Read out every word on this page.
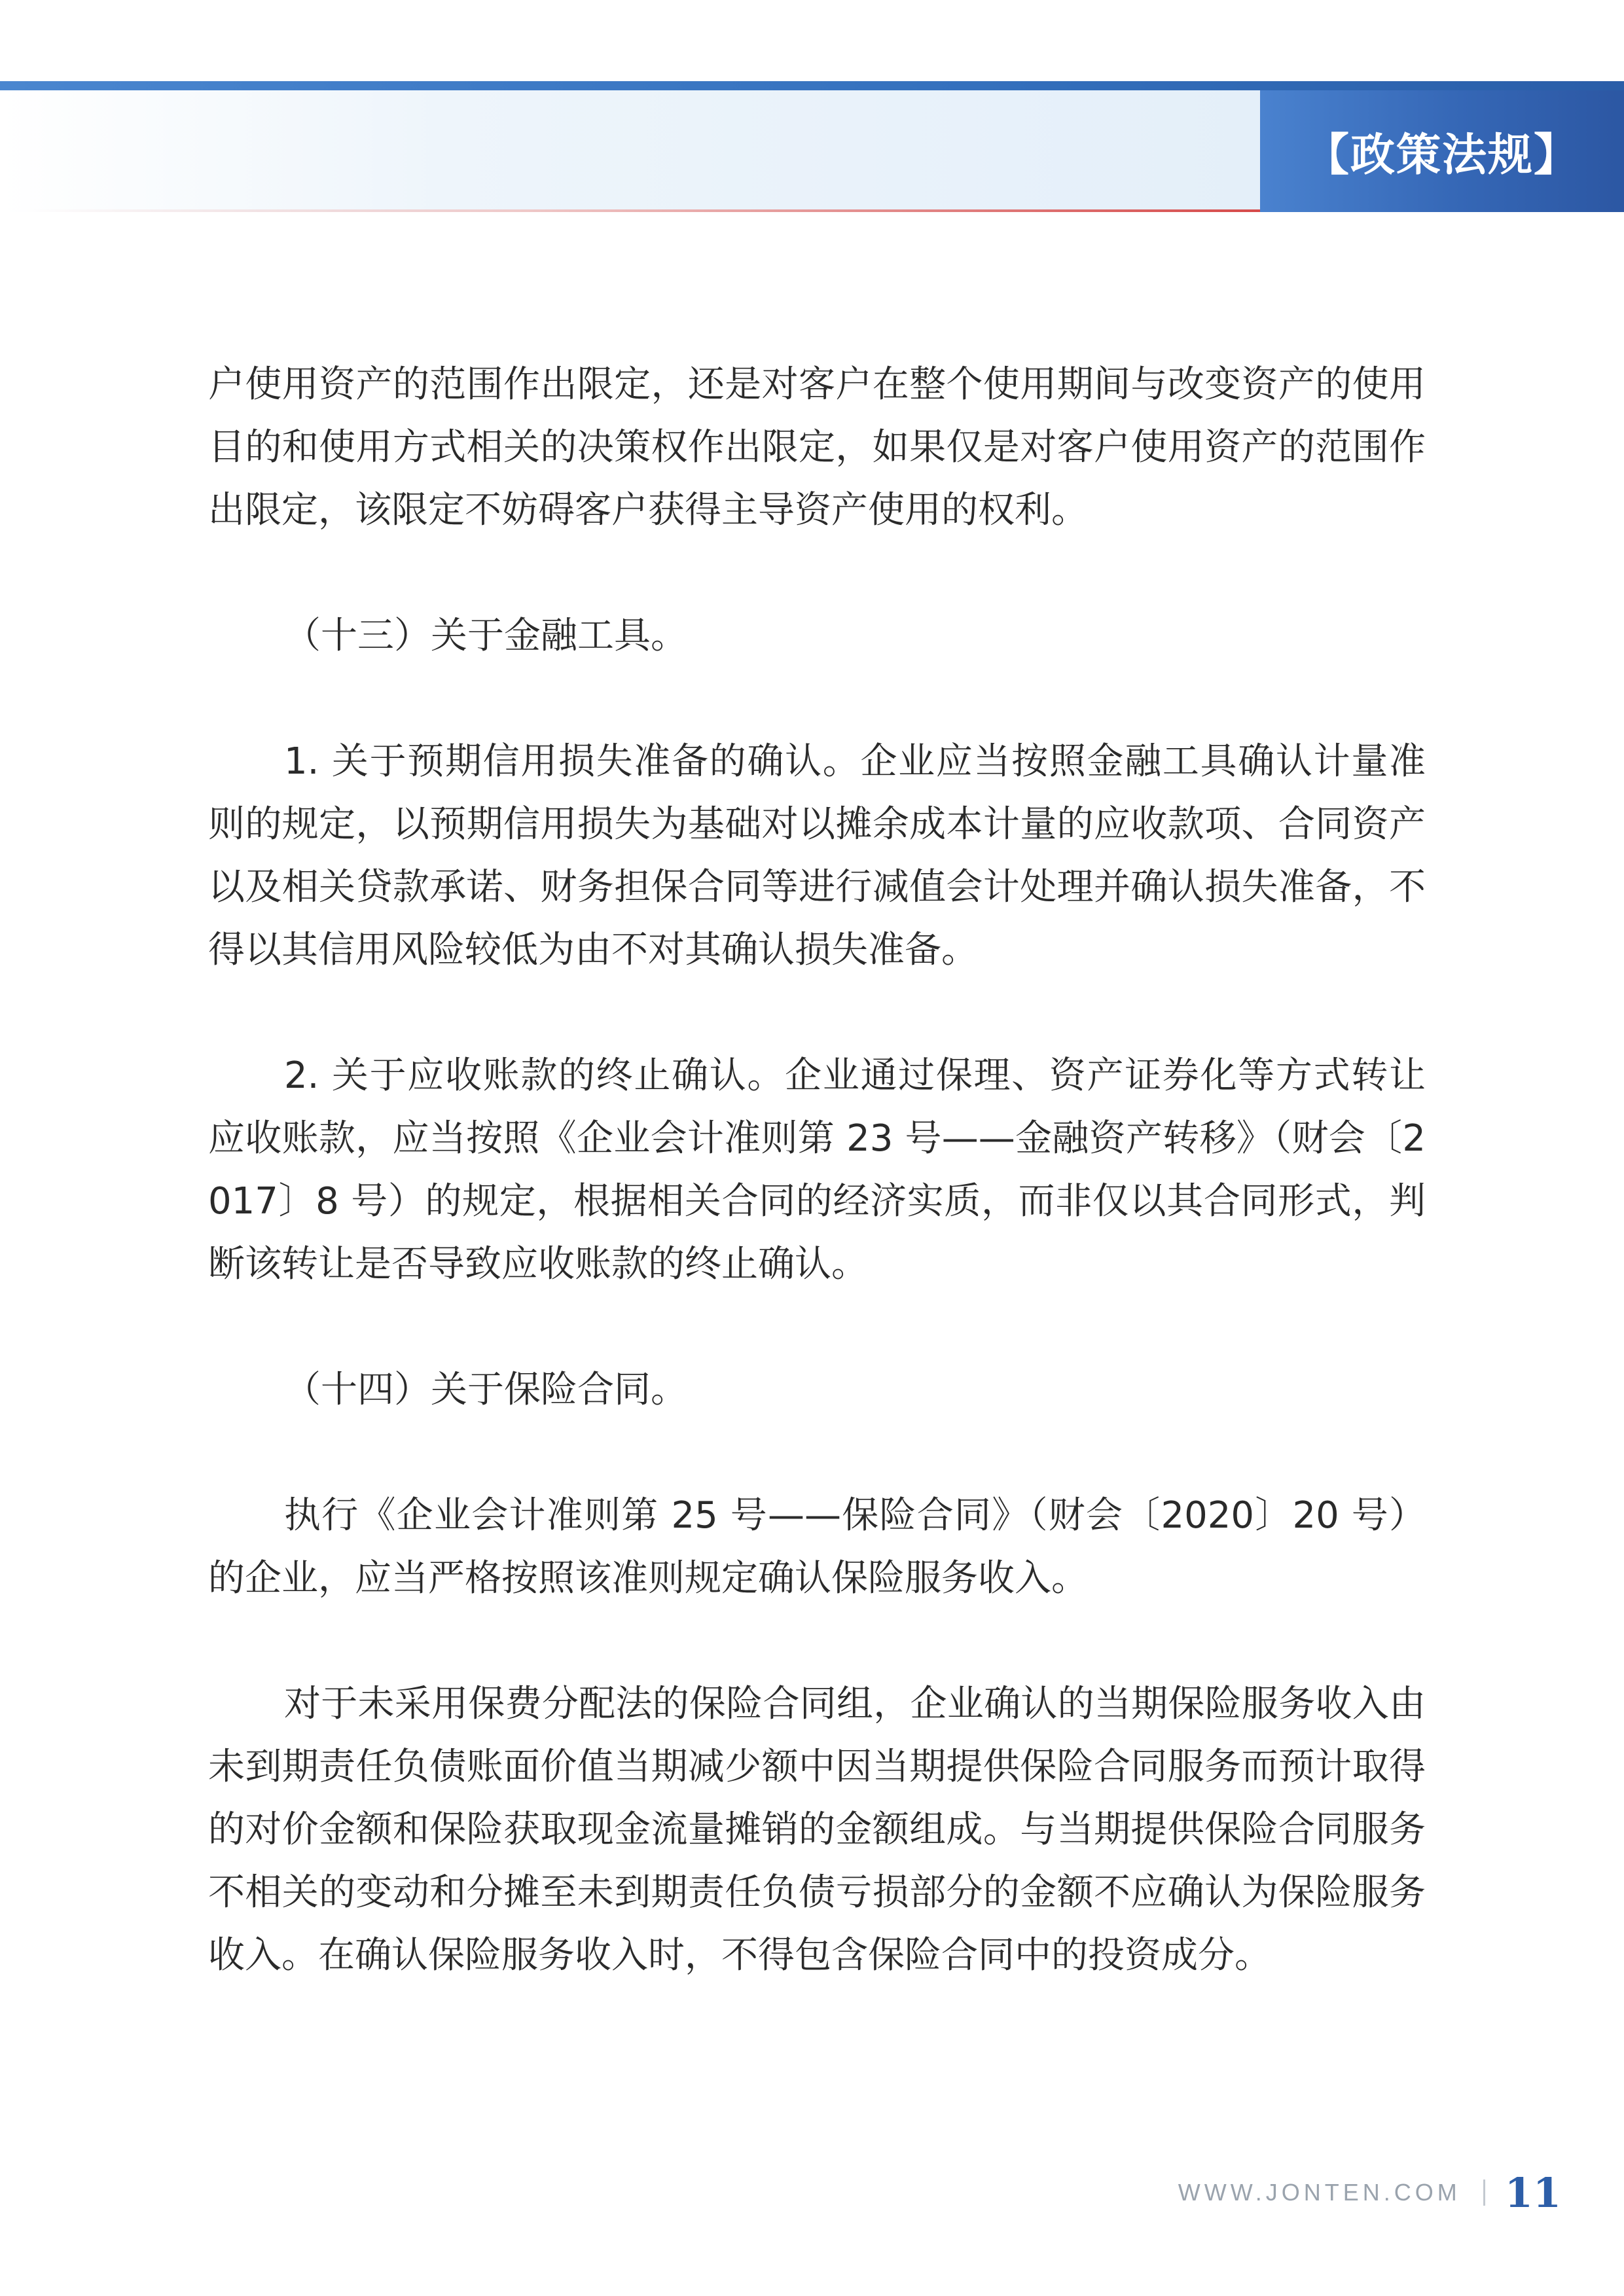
【政策法规】

户使用资产的范围作出限定，还是对客户在整个使用期间与改变资产的使用目的和使用方式相关的决策权作出限定，如果仅是对客户使用资产的范围作出限定，该限定不妨碍客户获得主导资产使用的权利。

（十三）关于金融工具。

1. 关于预期信用损失准备的确认。企业应当按照金融工具确认计量准则的规定，以预期信用损失为基础对以摊余成本计量的应收款项、合同资产以及相关贷款承诺、财务担保合同等进行减值会计处理并确认损失准备，不得以其信用风险较低为由不对其确认损失准备。

2. 关于应收账款的终止确认。企业通过保理、资产证券化等方式转让应收账款，应当按照《企业会计准则第 23 号——金融资产转移》（财会〔2017〕8 号）的规定，根据相关合同的经济实质，而非仅以其合同形式，判断该转让是否导致应收账款的终止确认。

（十四）关于保险合同。

执行《企业会计准则第 25 号——保险合同》（财会〔2020〕20 号）的企业，应当严格按照该准则规定确认保险服务收入。

对于未采用保费分配法的保险合同组，企业确认的当期保险服务收入由未到期责任负债账面价值当期减少额中因当期提供保险合同服务而预计取得的对价金额和保险获取现金流量摊销的金额组成。与当期提供保险合同服务不相关的变动和分摊至未到期责任负债亏损部分的金额不应确认为保险服务收入。在确认保险服务收入时，不得包含保险合同中的投资成分。

WWW.JONTEN.COM 11
